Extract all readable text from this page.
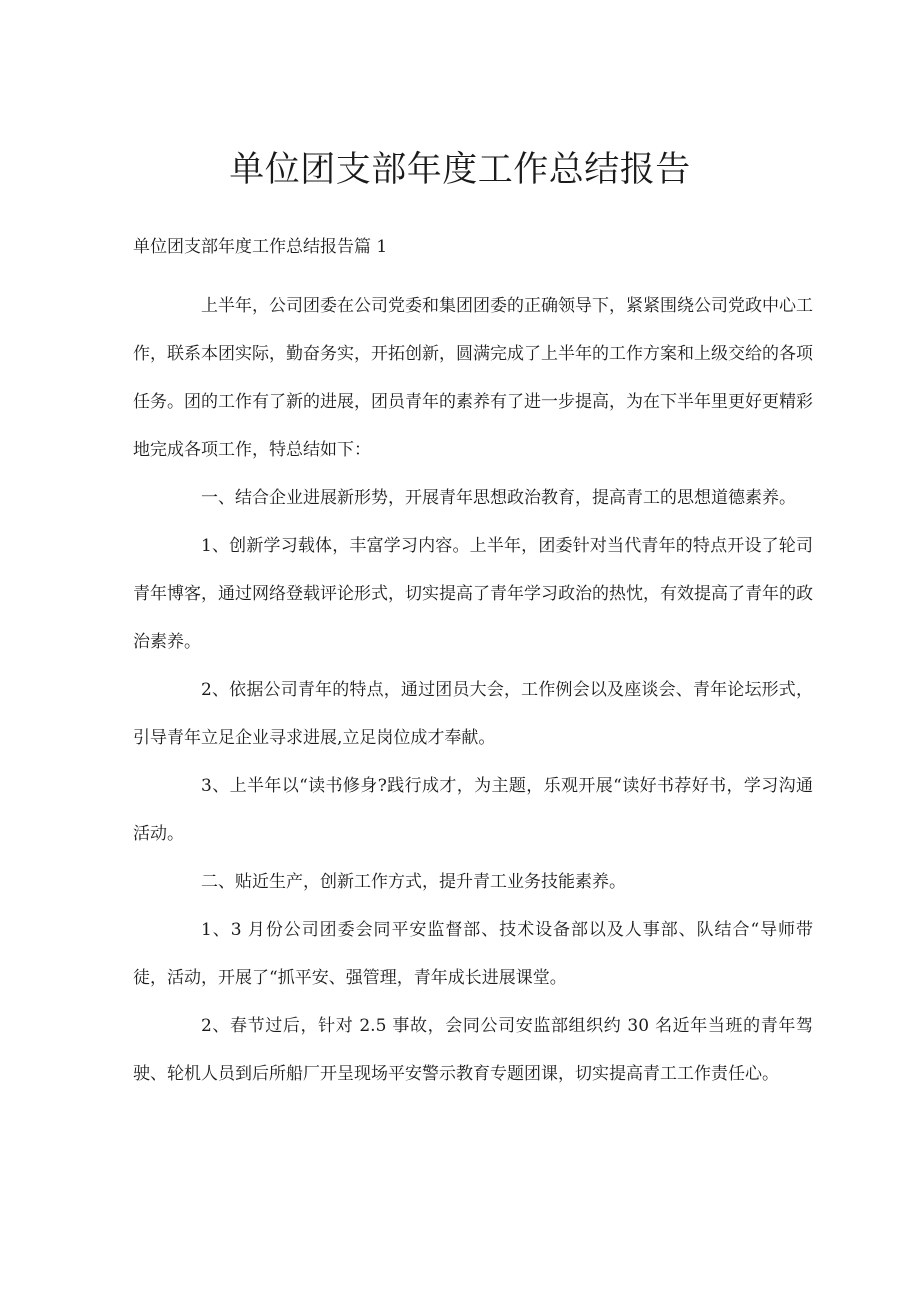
单位团支部年度工作总结报告

单位团支部年度工作总结报告篇 1

上半年，公司团委在公司党委和集团团委的正确领导下，紧紧围绕公司党政中心工作，联系本团实际，勤奋务实，开拓创新，圆满完成了上半年的工作方案和上级交给的各项任务。团的工作有了新的进展，团员青年的素养有了进一步提高，为在下半年里更好更精彩地完成各项工作，特总结如下：

一、结合企业进展新形势，开展青年思想政治教育，提高青工的思想道德素养。

1、创新学习载体，丰富学习内容。上半年，团委针对当代青年的特点开设了轮司青年博客，通过网络登载评论形式，切实提高了青年学习政治的热忱，有效提高了青年的政治素养。

2、依据公司青年的特点，通过团员大会，工作例会以及座谈会、青年论坛形式，引导青年立足企业寻求进展,立足岗位成才奉献。

3、上半年以“读书修身?践行成才，为主题，乐观开展“读好书荐好书，学习沟通活动。

二、贴近生产，创新工作方式，提升青工业务技能素养。

1、3 月份公司团委会同平安监督部、技术设备部以及人事部、队结合“导师带徒，活动，开展了“抓平安、强管理，青年成长进展课堂。

2、春节过后，针对 2.5 事故，会同公司安监部组织约 30 名近年当班的青年驾驶、轮机人员到后所船厂开呈现场平安警示教育专题团课，切实提高青工工作责任心。
